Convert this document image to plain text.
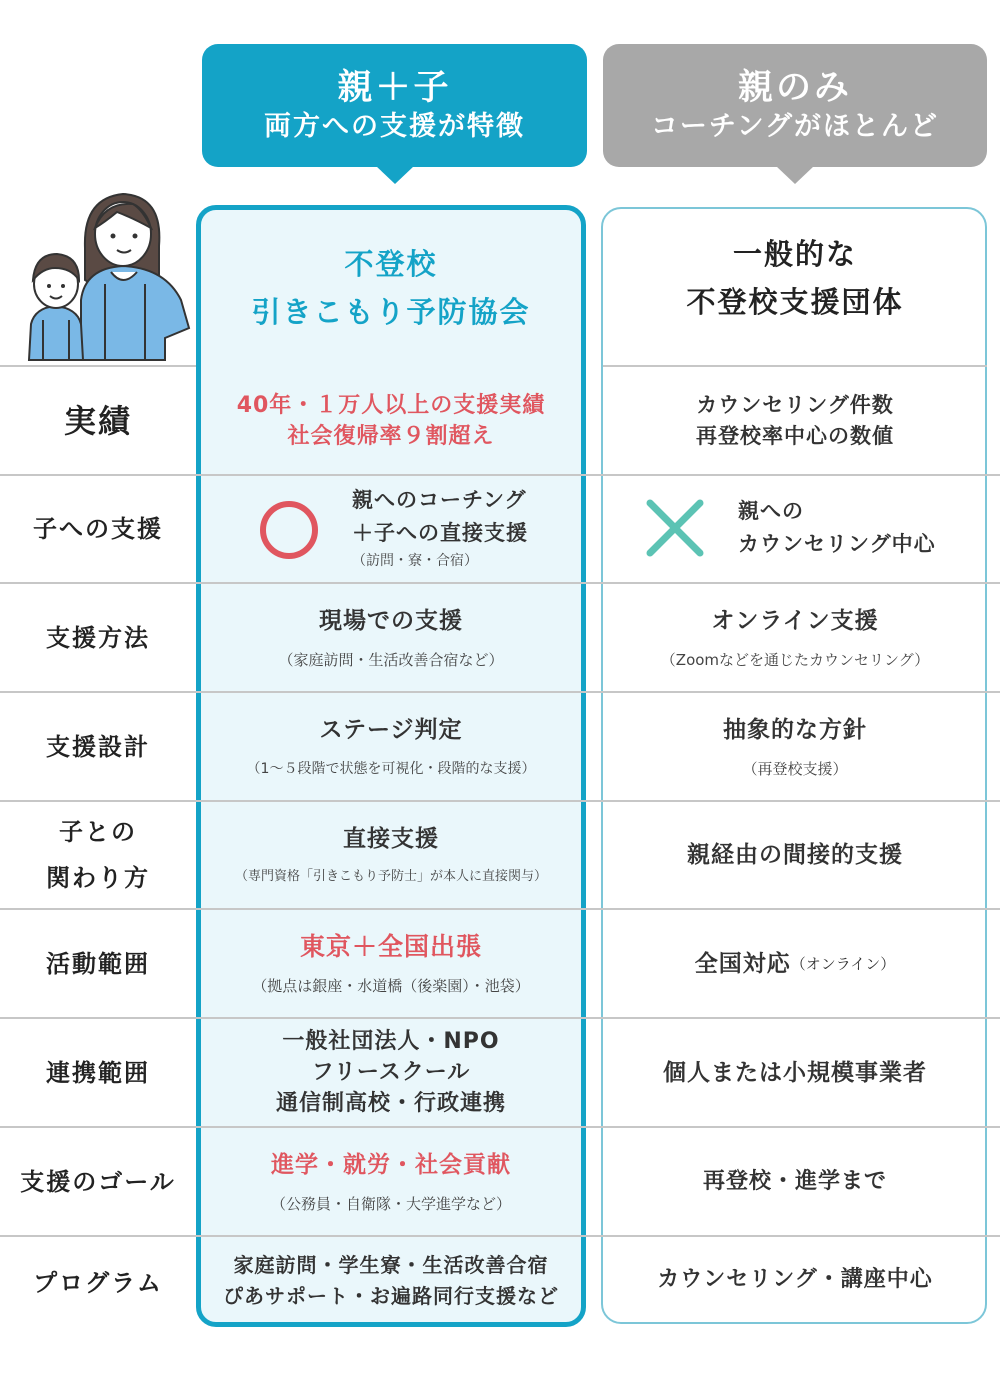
親＋子
両方への支援が特徴
親のみ
コーチングがほとんど
不登校
引きこもり予防協会
一般的な
不登校支援団体
実績	40年・１万人以上の支援実績
社会復帰率９割超え
カウンセリング件数
再登校率中心の数値
子への支援
親へのコーチング
＋子への直接支援
（訪問・寮・合宿）
親への
カウンセリング中心
支援方法
現場での支援
（家庭訪問・生活改善合宿など）
オンライン支援
（Zoomなどを通じたカウンセリング）
支援設計
ステージ判定
（1〜５段階で状態を可視化・段階的な支援）
抽象的な方針
（再登校支援）
子との
関わり方
直接支援
（専門資格「引きこもり予防士」が本人に直接関与）
親経由の間接的支援
活動範囲
東京＋全国出張
（拠点は銀座・水道橋（後楽園）・池袋）
全国対応 （オンライン）
連携範囲
一般社団法人・NPO
フリースクール
通信制高校・行政連携
個人または小規模事業者
支援のゴール
進学・就労・社会貢献
（公務員・自衛隊・大学進学など）
再登校・進学まで
プログラム
家庭訪問・学生寮・生活改善合宿
ぴあサポート・お遍路同行支援など
カウンセリング・講座中心
